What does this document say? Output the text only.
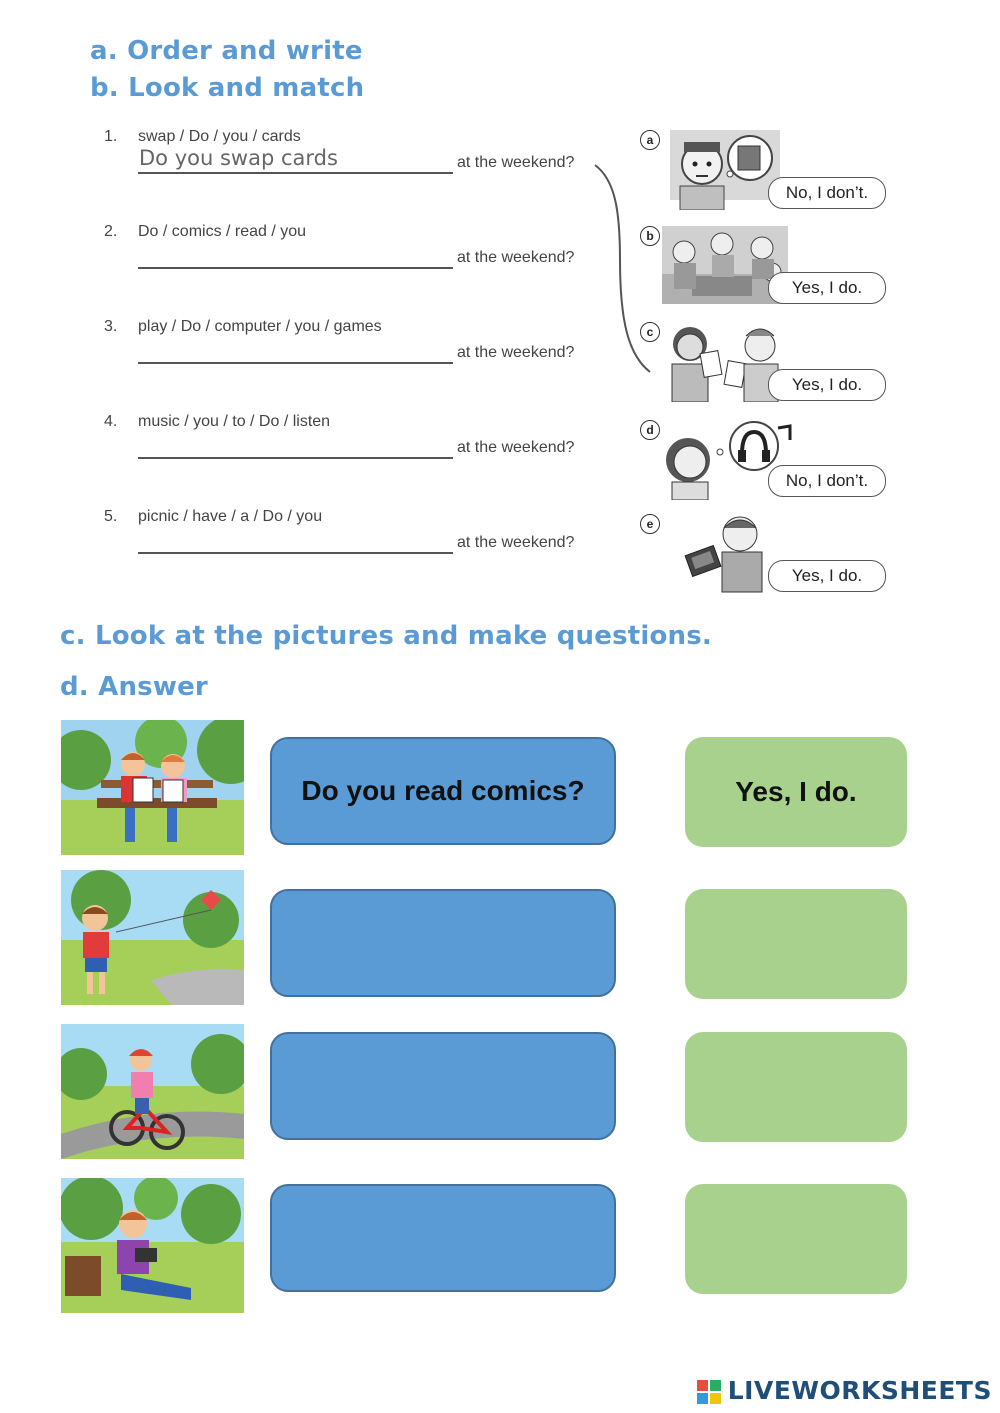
a. Order and write
b. Look and match
1. swap / Do / you / cards
Do you swap cards	at the weekend?
2. Do / comics / read / you
at the weekend?
3. play / Do / computer / you / games
at the weekend?
4. music / you / to / Do / listen
at the weekend?
5. picnic / have / a / Do / you
at the weekend?
a
No, I don’t.
b
Yes, I do.
c
Yes, I do.
d
No, I don’t.
e
Yes, I do.
c. Look at the pictures and make questions.
d. Answer
Do you read comics?	Yes, I do.
LIVEWORKSHEETS
